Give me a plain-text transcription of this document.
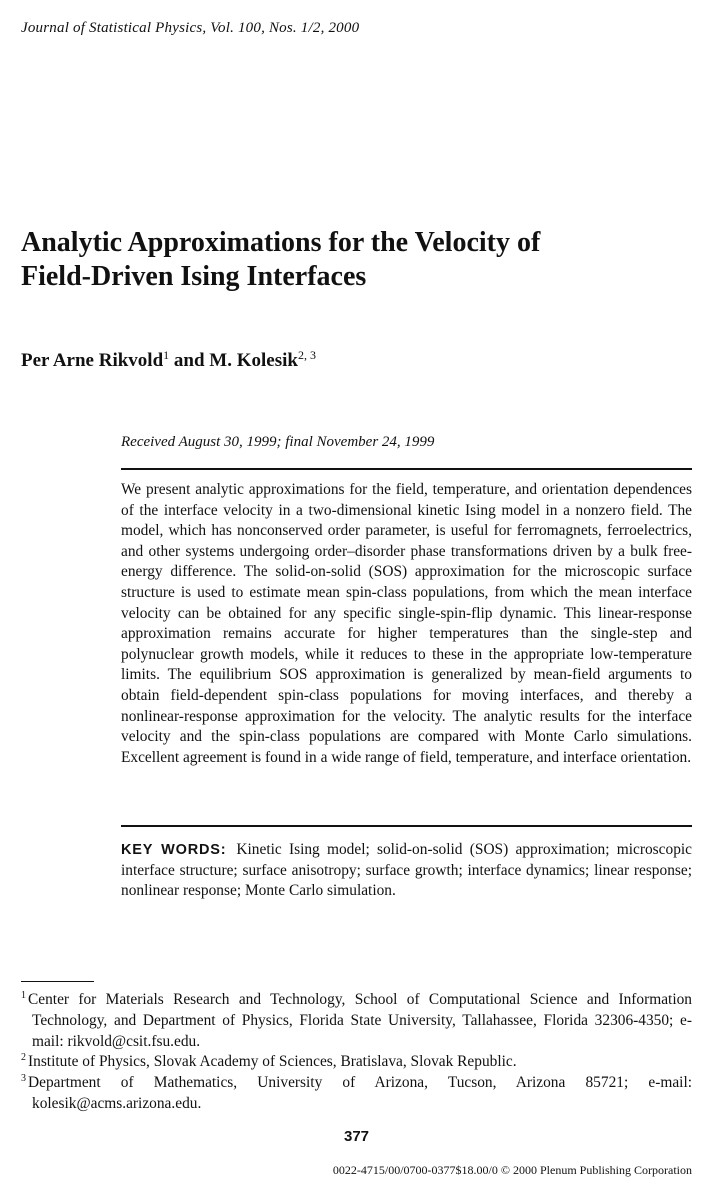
Journal of Statistical Physics, Vol. 100, Nos. 1/2, 2000
Analytic Approximations for the Velocity of
Field-Driven Ising Interfaces
Per Arne Rikvold$^1$ and M. Kolesik$^{2, 3}$
Received August 30, 1999; final November 24, 1999

We present analytic approximations for the field, temperature, and orientation dependences of the interface velocity in a two-dimensional kinetic Ising model in a nonzero field. The model, which has nonconserved order parameter, is useful for ferromagnets, ferroelectrics, and other systems undergoing order–disorder phase transformations driven by a bulk free-energy difference. The solid-on-solid (SOS) approximation for the microscopic surface structure is used to estimate mean spin-class populations, from which the mean interface velocity can be obtained for any specific single-spin-flip dynamic. This linear-response approximation remains accurate for higher temperatures than the single-step and polynuclear growth models, while it reduces to these in the appropriate low-temperature limits. The equilibrium SOS approximation is generalized by mean-field arguments to obtain field-dependent spin-class populations for moving interfaces, and thereby a nonlinear-response approximation for the velocity. The analytic results for the interface velocity and the spin-class populations are compared with Monte Carlo simulations. Excellent agreement is found in a wide range of field, temperature, and interface orientation.

KEY WORDS: Kinetic Ising model; solid-on-solid (SOS) approximation; microscopic interface structure; surface anisotropy; surface growth; interface dynamics; linear response; nonlinear response; Monte Carlo simulation.

$^1$ Center for Materials Research and Technology, School of Computational Science and Information Technology, and Department of Physics, Florida State University, Tallahassee, Florida 32306-4350; e-mail: rikvold@csit.fsu.edu.

$^2$ Institute of Physics, Slovak Academy of Sciences, Bratislava, Slovak Republic.

$^3$ Department of Mathematics, University of Arizona, Tucson, Arizona 85721; e-mail: kolesik@acms.arizona.edu.

377
0022-4715/00/0700-0377$18.00/0 © 2000 Plenum Publishing Corporation
